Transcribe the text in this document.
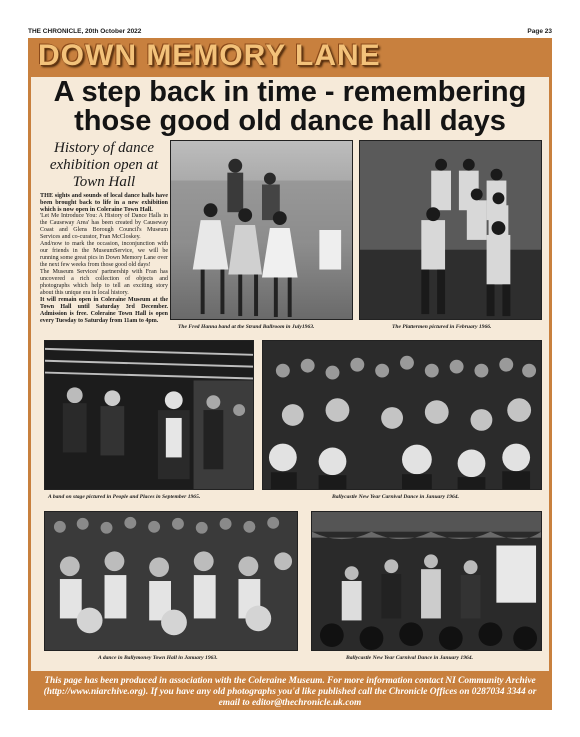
THE CHRONICLE, 20th October 2022	Page 23
DOWN MEMORY LANE
A step back in time - remembering
those good old dance hall days
History of dance exhibition open at Town Hall

THE sights and sounds of local dance halls have been brought back to life in a new exhibition which is now open in Coleraine Town Hall.

'Let Me Introduce You: A History of Dance Halls in the Causeway Area' has been created by Causeway Coast and Glens Borough Council's Museum Services and co-curator, Fran McCloskey.

And/now to mark the occasion, inconjunction with our friends in the MuseumService, we will be running some great pics in Down Memory Lane over the next few weeks from those good old days!

The Museum Services' partnership with Fran has uncovered a rich collection of objects and photographs which help to tell an exciting story about this unique era in local history.

It will remain open in Coleraine Museum at the Town Hall until Saturday 3rd December. Admission is free. Coleraine Town Hall is open every Tuesday to Saturday from 11am to 4pm.

The Fred Hanna band at the Strand Ballroom in July1963.	The Plattermen pictured in February 1966.
A band on stage pictured in People and Places in September 1965.	Ballycastle New Year Carnival Dance in January 1964.
A dance in Ballymoney Town Hall in January 1963.	Ballycastle New Year Carnival Dance in January 1964.
This page has been produced in association with the Coleraine Museum. For more information contact NI Community Archive (http://www.niarchive.org). If you have any old photographs you'd like published call the Chronicle Offices on 0287034 3344 or email to editor@thechronicle.uk.com
